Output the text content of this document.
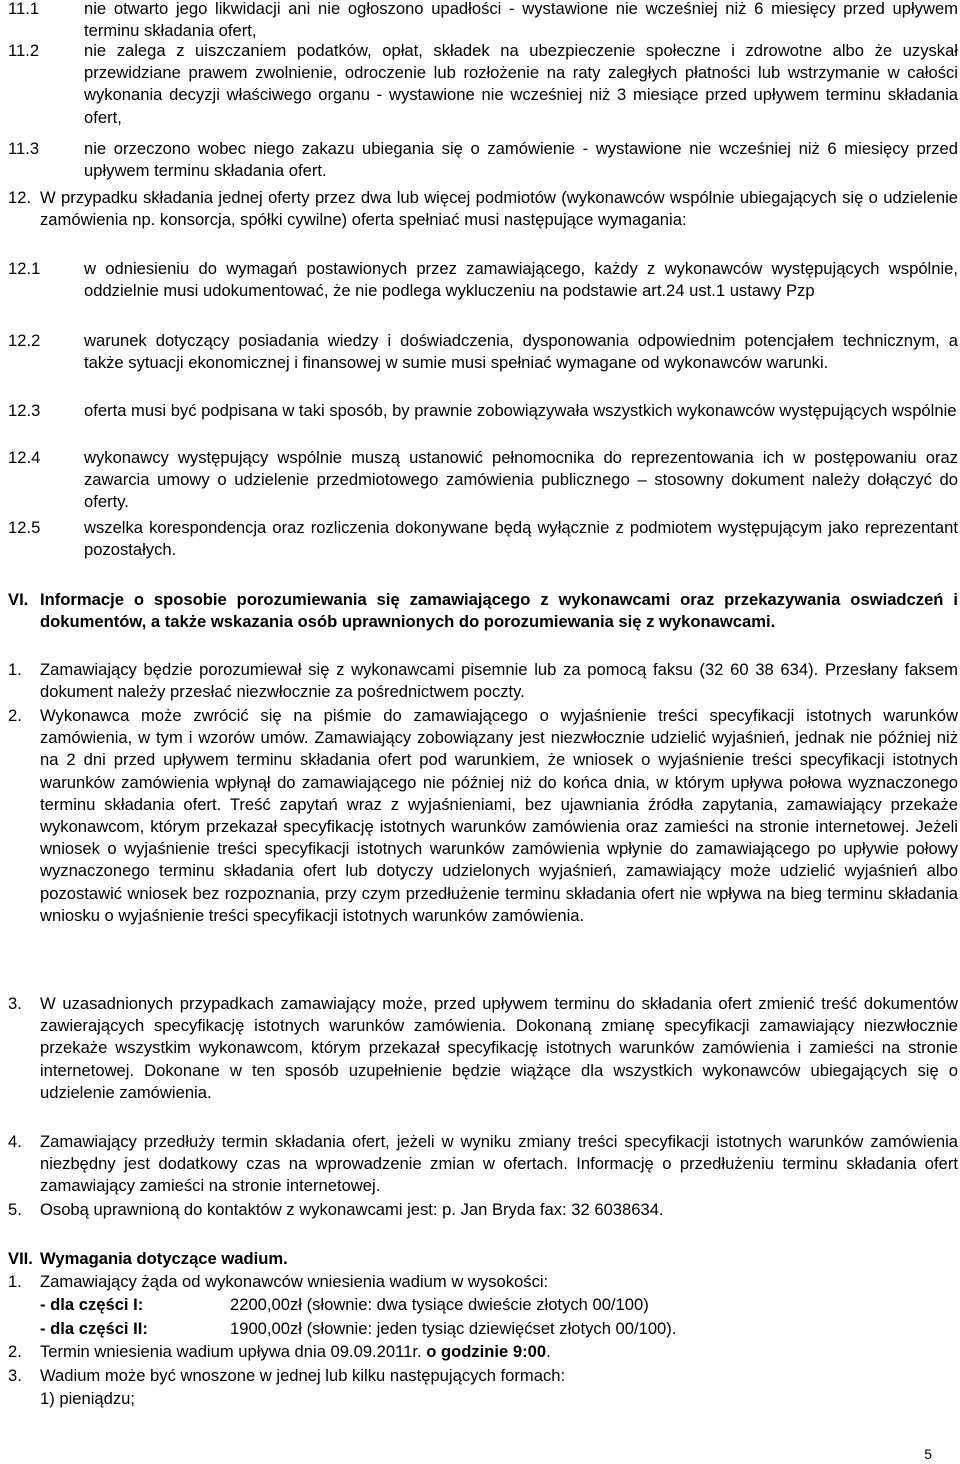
11.1	nie otwarto jego likwidacji ani nie ogłoszono upadłości - wystawione nie wcześniej niż 6 miesięcy przed upływem terminu składania ofert,
11.2	nie zalega z uiszczaniem podatków, opłat, składek na ubezpieczenie społeczne i zdrowotne albo że uzyskał przewidziane prawem zwolnienie, odroczenie lub rozłożenie na raty zaległych płatności lub wstrzymanie w całości wykonania decyzji właściwego organu - wystawione nie wcześniej niż 3 miesiące przed upływem terminu składania ofert,
11.3	nie orzeczono wobec niego zakazu ubiegania się o zamówienie - wystawione nie wcześniej niż 6 miesięcy przed upływem terminu składania ofert.
12. W przypadku składania jednej oferty przez dwa lub więcej podmiotów (wykonawców wspólnie ubiegających się o udzielenie zamówienia np. konsorcja, spółki cywilne) oferta spełniać musi następujące wymagania:
12.1	w odniesieniu do wymagań postawionych przez zamawiającego, każdy z wykonawców występujących wspólnie, oddzielnie musi udokumentować, że nie podlega wykluczeniu na podstawie art.24 ust.1 ustawy Pzp
12.2	warunek dotyczący posiadania wiedzy i doświadczenia, dysponowania odpowiednim potencjałem technicznym, a także sytuacji ekonomicznej i finansowej w sumie musi spełniać wymagane od wykonawców warunki.
12.3	oferta musi być podpisana w taki sposób, by prawnie zobowiązywała wszystkich wykonawców występujących wspólnie
12.4	wykonawcy występujący wspólnie muszą ustanowić pełnomocnika do reprezentowania ich w postępowaniu oraz zawarcia umowy o udzielenie przedmiotowego zamówienia publicznego – stosowny dokument należy dołączyć do oferty.
12.5	wszelka korespondencja oraz rozliczenia dokonywane będą wyłącznie z podmiotem występującym jako reprezentant pozostałych.
VI. Informacje o sposobie porozumiewania się zamawiającego z wykonawcami oraz przekazywania oswiadczeń i dokumentów, a także wskazania osób uprawnionych do porozumiewania się z wykonawcami.
1. Zamawiający będzie porozumiewał się z wykonawcami pisemnie lub za pomocą faksu (32 60 38 634). Przesłany faksem dokument należy przesłać niezwłocznie za pośrednictwem poczty.
2. Wykonawca może zwrócić się na piśmie do zamawiającego o wyjaśnienie treści specyfikacji istotnych warunków zamówienia, w tym i wzorów umów. Zamawiający zobowiązany jest niezwłocznie udzielić wyjaśnień, jednak nie później niż na 2 dni przed upływem terminu składania ofert pod warunkiem, że wniosek o wyjaśnienie treści specyfikacji istotnych warunków zamówienia wpłynął do zamawiającego nie później niż do końca dnia, w którym upływa połowa wyznaczonego terminu składania ofert. Treść zapytań wraz z wyjaśnieniami, bez ujawniania źródła zapytania, zamawiający przekaże wykonawcom, którym przekazał specyfikację istotnych warunków zamówienia oraz zamieści na stronie internetowej. Jeżeli wniosek o wyjaśnienie treści specyfikacji istotnych warunków zamówienia wpłynie do zamawiającego po upływie połowy wyznaczonego terminu składania ofert lub dotyczy udzielonych wyjaśnień, zamawiający może udzielić wyjaśnień albo pozostawić wniosek bez rozpoznania, przy czym przedłużenie terminu składania ofert nie wpływa na bieg terminu składania wniosku o wyjaśnienie treści specyfikacji istotnych warunków zamówienia.
3. W uzasadnionych przypadkach zamawiający może, przed upływem terminu do składania ofert zmienić treść dokumentów zawierających specyfikację istotnych warunków zamówienia. Dokonaną zmianę specyfikacji zamawiający niezwłocznie przekaże wszystkim wykonawcom, którym przekazał specyfikację istotnych warunków zamówienia i zamieści na stronie internetowej. Dokonane w ten sposób uzupełnienie będzie wiążące dla wszystkich wykonawców ubiegających się o udzielenie zamówienia.
4. Zamawiający przedłuży termin składania ofert, jeżeli w wyniku zmiany treści specyfikacji istotnych warunków zamówienia niezbędny jest dodatkowy czas na wprowadzenie zmian w ofertach. Informację o przedłużeniu terminu składania ofert zamawiający zamieści na stronie internetowej.
5. Osobą uprawnioną do kontaktów z wykonawcami jest: p. Jan Bryda fax: 32 6038634.
VII. Wymagania dotyczące wadium.
1. Zamawiający żąda od wykonawców wniesienia wadium w wysokości:
- dla części I:	2200,00zł (słownie: dwa tysiące dwieście złotych 00/100)
- dla części II:	1900,00zł (słownie: jeden tysiąc dziewięćset złotych 00/100).
2. Termin wniesienia wadium upływa dnia 09.09.2011r. o godzinie 9:00.
3. Wadium może być wnoszone w jednej lub kilku następujących formach:
1) pieniądzu;
5
